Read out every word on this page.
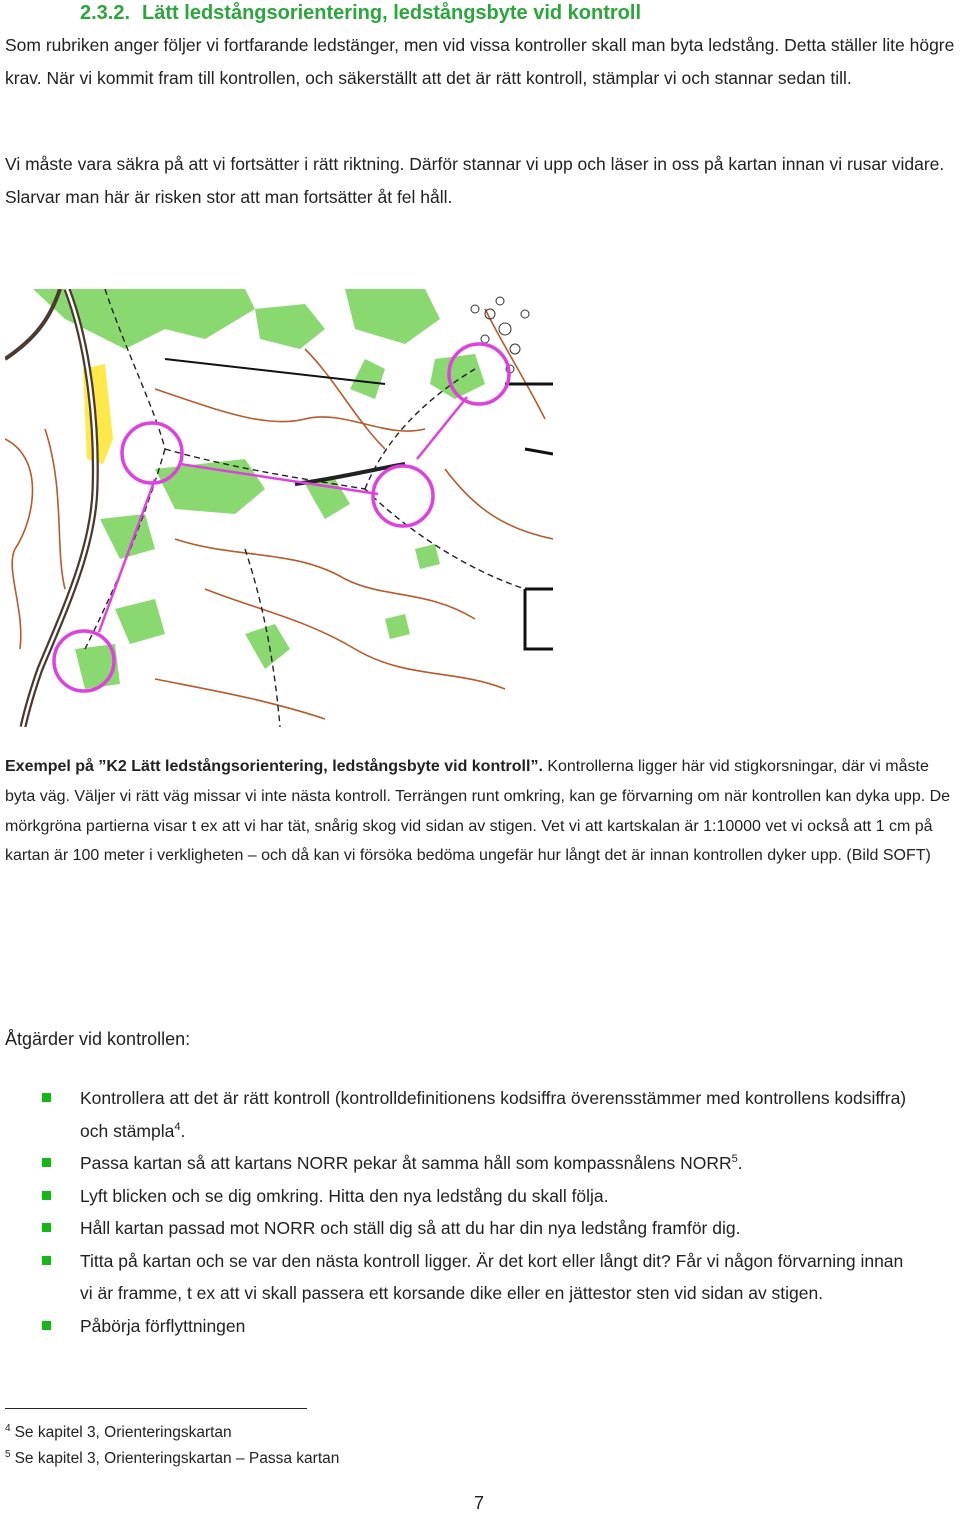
2.3.2. Lätt ledstångsorientering, ledstångsbyte vid kontroll
Som rubriken anger följer vi fortfarande ledstänger, men vid vissa kontroller skall man byta ledstång. Detta ställer lite högre krav. När vi kommit fram till kontrollen, och säkerställt att det är rätt kontroll, stämplar vi och stannar sedan till.
Vi måste vara säkra på att vi fortsätter i rätt riktning. Därför stannar vi upp och läser in oss på kartan innan vi rusar vidare. Slarvar man här är risken stor att man fortsätter åt fel håll.
Exempel på ”K2 Lätt ledstångsorientering, ledstångsbyte vid kontroll”. Kontrollerna ligger här vid stigkorsningar, där vi måste byta väg. Väljer vi rätt väg missar vi inte nästa kontroll. Terrängen runt omkring, kan ge förvarning om när kontrollen kan dyka upp. De mörkgröna partierna visar t ex att vi har tät, snårig skog vid sidan av stigen. Vet vi att kartskalan är 1:10000 vet vi också att 1 cm på kartan är 100 meter i verkligheten – och då kan vi försöka bedöma ungefär hur långt det är innan kontrollen dyker upp. (Bild SOFT)
Åtgärder vid kontrollen:
Kontrollera att det är rätt kontroll (kontrolldefinitionens kodsiffra överensstämmer med kontrollens kodsiffra) och stämpla$^4$.
Passa kartan så att kartans NORR pekar åt samma håll som kompassnålens NORR$^5$.
Lyft blicken och se dig omkring. Hitta den nya ledstång du skall följa.
Håll kartan passad mot NORR och ställ dig så att du har din nya ledstång framför dig.
Titta på kartan och se var den nästa kontroll ligger. Är det kort eller långt dit? Får vi någon förvarning innan vi är framme, t ex att vi skall passera ett korsande dike eller en jättestor sten vid sidan av stigen.
Påbörja förflyttningen
$^4$ Se kapitel 3, Orienteringskartan
$^5$ Se kapitel 3, Orienteringskartan – Passa kartan
7
